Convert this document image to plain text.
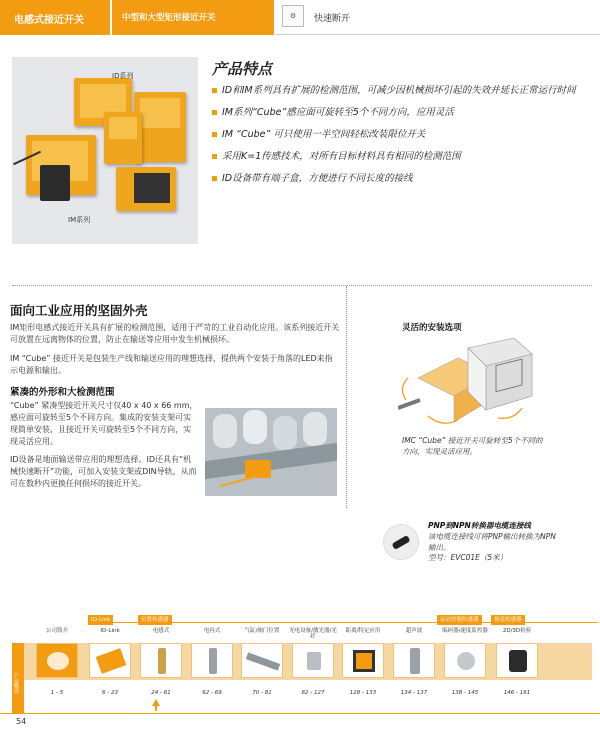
电感式接近开关	中型和大型矩形接近开关	⚙	快速断开
ID系列
IM系列
产品特点
ID和IM系列具有扩展的检测范围，可减少因机械损坏引起的失效并延长正常运行时间
IM系列“Cube”感应面可旋转至5个不同方向，应用灵活
IM “Cube” 可只使用一半空间轻松改装限位开关
采用K=1传感技术，对所有目标材料具有相同的检测范围
ID设备带有端子盒，方便进行不同长度的接线
面向工业应用的坚固外壳
IM矩形电感式接近开关具有扩展的检测范围，适用于严苛的工业自动化应用。该系列接近开关可放置在远离物体的位置，防止在输送等应用中发生机械损坏。
IM “Cube” 接近开关是包装生产线和输送应用的理想选择，提供两个安装于角落的LED来指示电源和输出。
紧凑的外形和大检测范围
“Cube” 紧凑型接近开关尺寸仅40 x 40 x 66 mm，感应面可旋转至5个不同方向。集成的安装支架可实现简单安装，且接近开关可旋转至5个不同方向，实现灵活应用。
ID设备是地面输送带应用的理想选择。ID还具有“机械快速断开”功能，可加入安装支架或DIN导轨，从而可在数秒内更换任何损坏的接近开关。
灵活的安装选项
IMC “Cube” 接近开关可旋转至5个不同的方向，实现灵活应用。
PNP到NPN转换器电缆连接线
该电缆连接线可将PNP输出转换为NPN输出。
型号：EVC01E（5米）
IO-Link	位置传感器	运动控制传感器	视觉传感器
产品概述
公司简介
1 - 5
IO-Link
6 - 23
电感式
24 - 61
电容式
62 - 69
气缸/阀门位置
70 - 81
光电设备/激光器/光纤
82 - 127
距离/特定应用
128 - 133
超声波
134 - 137
编码器/速度监控器
138 - 145
2D/3D检验
146 - 161
54
